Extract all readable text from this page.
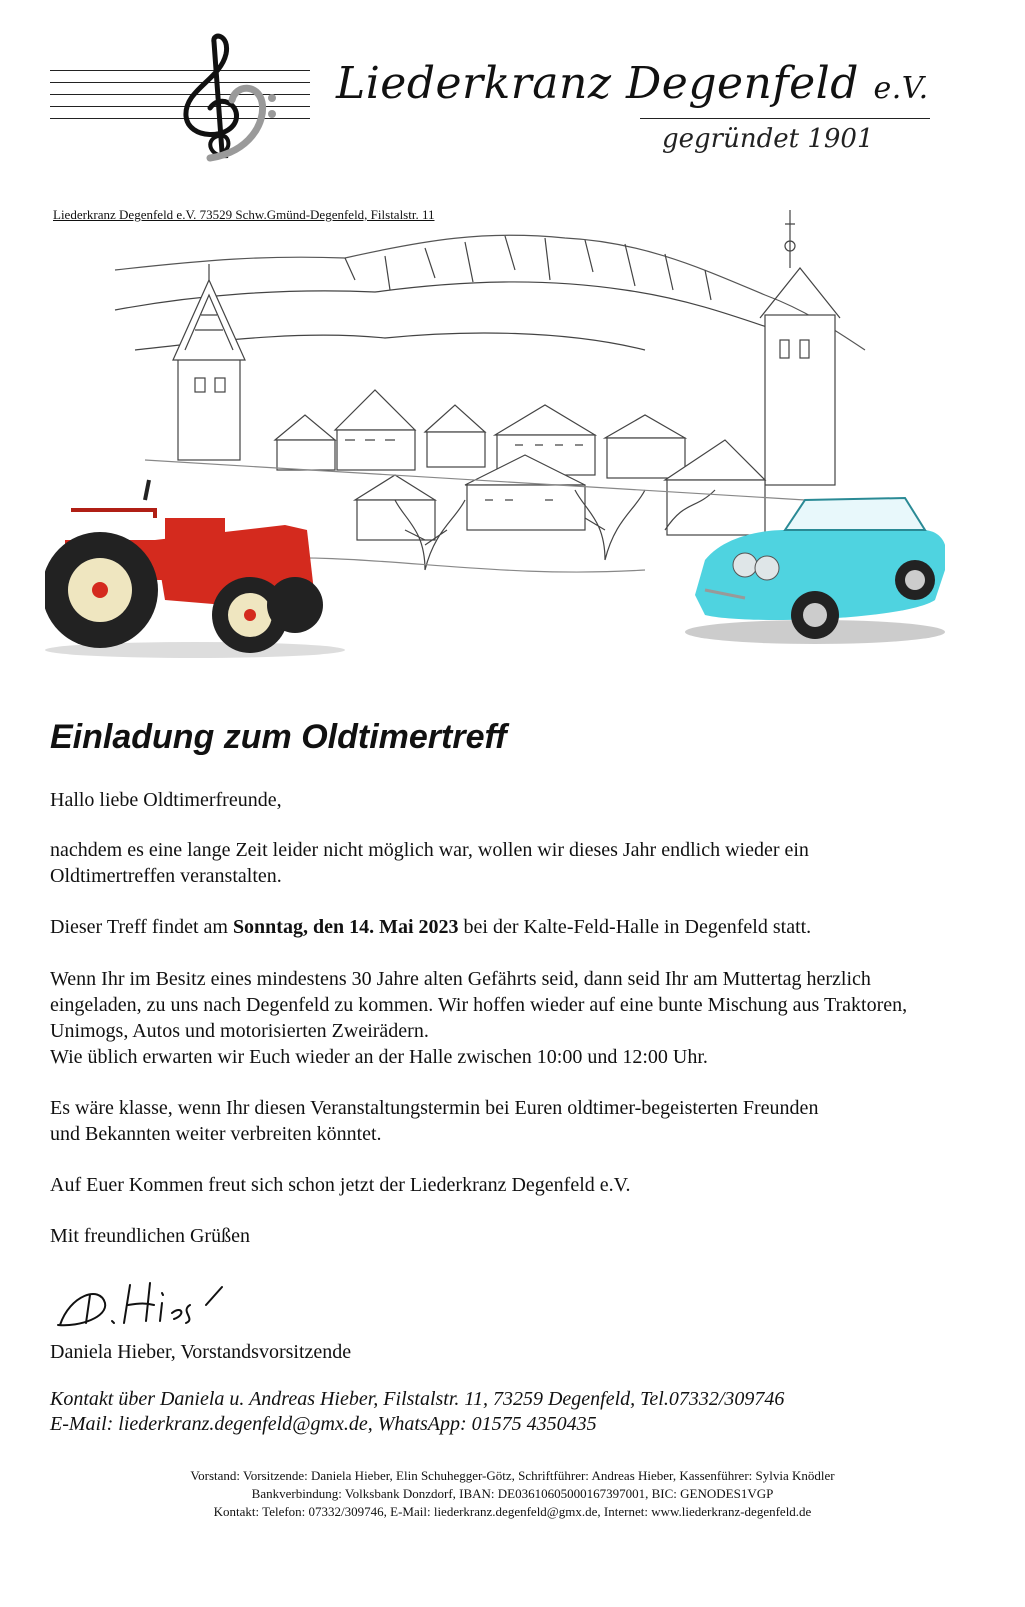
Liederkranz Degenfeld e.V.
gegründet 1901
Liederkranz Degenfeld e.V. 73529 Schw.Gmünd-Degenfeld, Filstalstr. 11
Einladung zum Oldtimertreff

Hallo liebe Oldtimerfreunde,

nachdem es eine lange Zeit leider nicht möglich war, wollen wir dieses Jahr endlich wieder ein Oldtimertreffen veranstalten.

Dieser Treff findet am Sonntag, den 14. Mai 2023 bei der Kalte-Feld-Halle in Degenfeld statt.

Wenn Ihr im Besitz eines mindestens 30 Jahre alten Gefährts seid, dann seid Ihr am Muttertag herzlich eingeladen, zu uns nach Degenfeld zu kommen. Wir hoffen wieder auf eine bunte Mischung aus Traktoren, Unimogs, Autos und motorisierten Zweirädern.
Wie üblich erwarten wir Euch wieder an der Halle zwischen 10:00 und 12:00 Uhr.

Es wäre klasse, wenn Ihr diesen Veranstaltungstermin bei Euren oldtimer-begeisterten Freunden und Bekannten weiter verbreiten könntet.

Auf Euer Kommen freut sich schon jetzt der Liederkranz Degenfeld e.V.

Mit freundlichen Grüßen

Daniela Hieber, Vorstandsvorsitzende

Kontakt über Daniela u. Andreas Hieber, Filstalstr. 11, 73259 Degenfeld, Tel.07332/309746
E-Mail: liederkranz.degenfeld@gmx.de, WhatsApp: 01575 4350435
Vorstand: Vorsitzende: Daniela Hieber, Elin Schuhegger-Götz, Schriftführer: Andreas Hieber, Kassenführer: Sylvia Knödler
Bankverbindung: Volksbank Donzdorf, IBAN: DE03610605000167397001, BIC: GENODES1VGP
Kontakt: Telefon: 07332/309746, E-Mail: liederkranz.degenfeld@gmx.de, Internet: www.liederkranz-degenfeld.de
